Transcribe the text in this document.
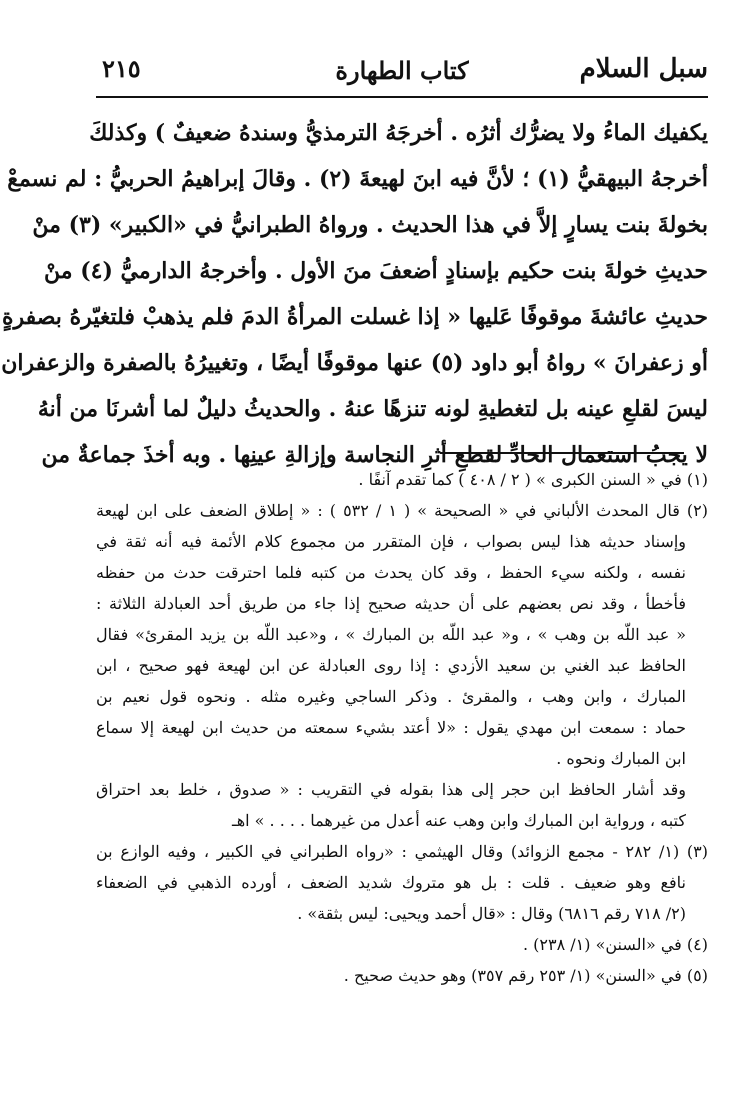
سبل السلام
كتاب الطهارة
٢١٥
يكفيك الماءُ ولا يضرُّك أثرُه . أخرجَهُ الترمذيُّ وسندهُ ضعيفٌ ) وكذلكَ
أخرجهُ البيهقيُّ (١) ؛ لأنَّ فيه ابنَ لهيعةَ (٢) . وقالَ إبراهيمُ الحربيُّ : لم نسمعْ
بخولةَ بنت يسارٍ إلاَّ في هذا الحديث . ورواهُ الطبرانيُّ في «الكبير» (٣) منْ
حديثِ خولةَ بنت حكيم بإسنادٍ أضعفَ منَ الأول . وأخرجهُ الدارميُّ (٤) منْ
حديثِ عائشةَ موقوفًا عَليها « إذا غسلت المرأةُ الدمَ فلم يذهبْ فلتغيّرهُ بصفرةٍ
أو زعفرانَ » رواهُ أبو داود (٥) عنها موقوفًا أيضًا ، وتغييرُهُ بالصفرة والزعفران
ليسَ لقلعِ عينه بل لتغطيةِ لونه تنزهًا عنهُ . والحديثُ دليلٌ لما أشرنَا من أنهُ
لا يجبُ استعمال الحادِّ لقطعِ أثرِ النجاسة وإزالةِ عينِها . وبه أخذَ جماعةٌ من
(١) في « السنن الكبرى » ( ٢ / ٤٠٨ ) كما تقدم آنفًا .
(٢) قال المحدث الألباني في « الصحيحة » ( ١ / ٥٣٢ ) : « إطلاق الضعف على ابن لهيعة
وإسناد حديثه هذا ليس بصواب ، فإن المتقرر من مجموع كلام الأئمة فيه أنه ثقة في
نفسه ، ولكنه سيء الحفظ ، وقد كان يحدث من كتبه فلما احترقت حدث من حفظه
فأخطأ ، وقد نص بعضهم على أن حديثه صحيح إذا جاء من طريق أحد العبادلة الثلاثة :
« عبد اللّه بن وهب » ، و« عبد اللّه بن المبارك » ، و«عبد اللّه بن يزيد المقرئ» فقال
الحافظ عبد الغني بن سعيد الأزدي : إذا روى العبادلة عن ابن لهيعة فهو صحيح ، ابن
المبارك ، وابن وهب ، والمقرئ . وذكر الساجي وغيره مثله . ونحوه قول نعيم بن
حماد : سمعت ابن مهدي يقول : «لا أعتد بشيء سمعته من حديث ابن لهيعة إلا سماع
ابن المبارك ونحوه .
وقد أشار الحافظ ابن حجر إلى هذا بقوله في التقريب : « صدوق ، خلط بعد احتراق
كتبه ، ورواية ابن المبارك وابن وهب عنه أعدل من غيرهما . . . . » اهـ
(٣) (١/ ٢٨٢ - مجمع الزوائد) وقال الهيثمي : «رواه الطبراني في الكبير ، وفيه الوازع بن
نافع وهو ضعيف . قلت : بل هو متروك شديد الضعف ، أورده الذهبي في الضعفاء
(٢/ ٧١٨ رقم ٦٨١٦) وقال : «قال أحمد ويحيى: ليس بثقة» .
(٤) في «السنن» (١/ ٢٣٨) .
(٥) في «السنن» (١/ ٢٥٣ رقم ٣٥٧) وهو حديث صحيح .
